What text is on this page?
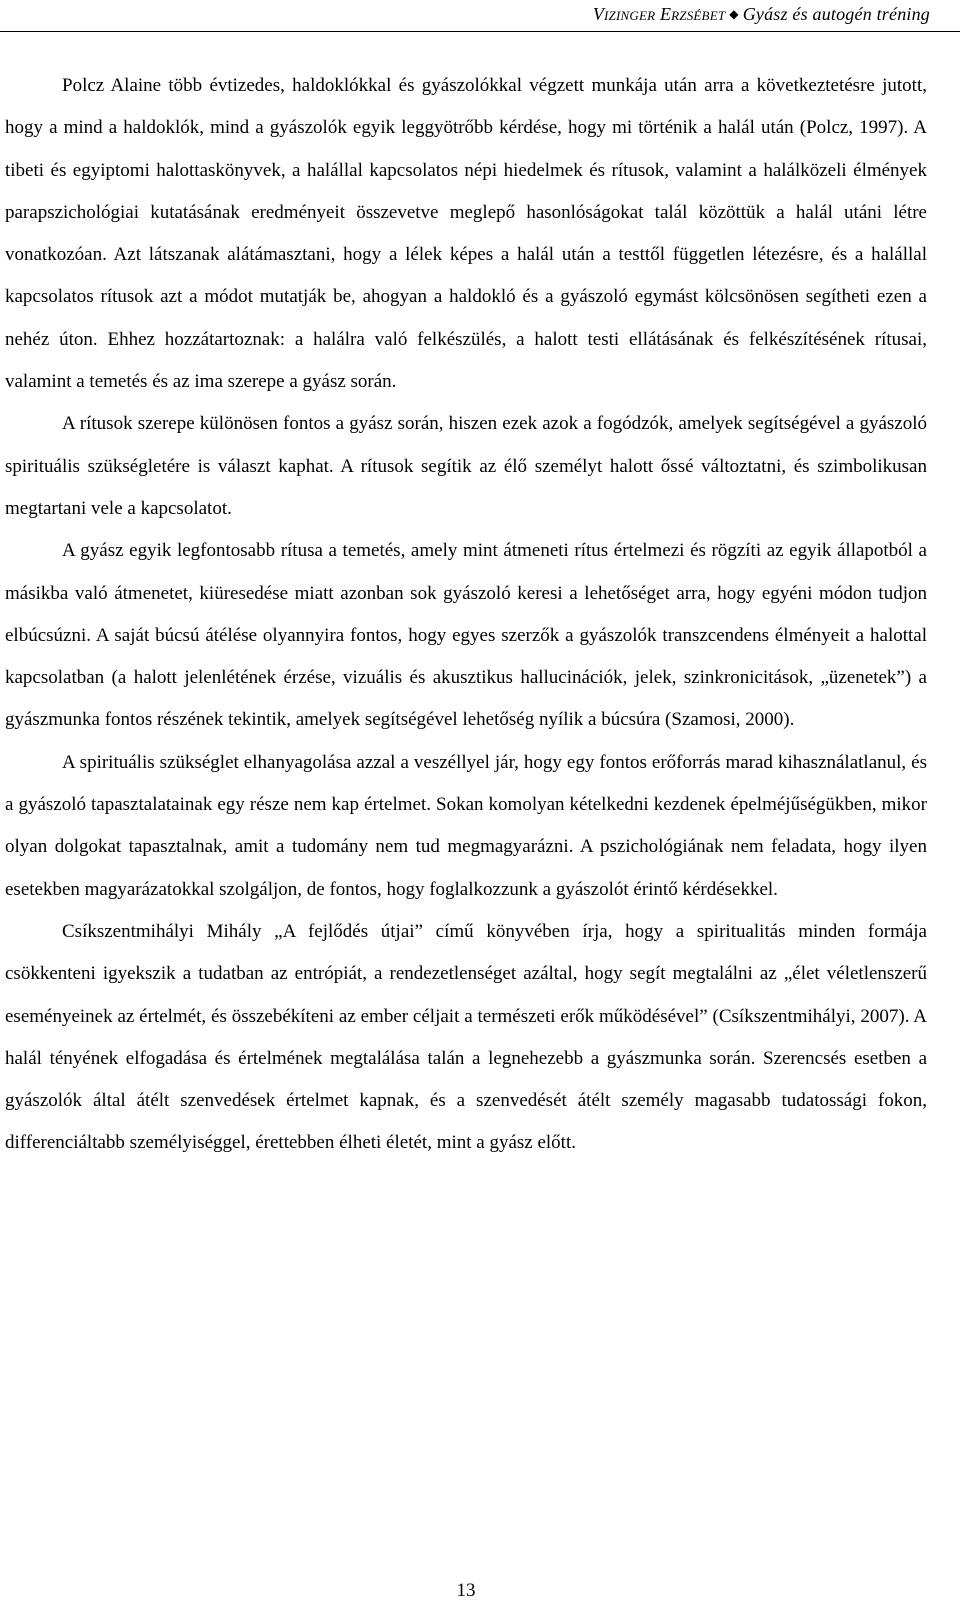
Vizinger Erzsébet ◆ Gyász és autogén tréning

Polcz Alaine több évtizedes, haldoklókkal és gyászolókkal végzett munkája után arra a következtetésre jutott, hogy a mind a haldoklók, mind a gyászolók egyik leggyötrőbb kérdése, hogy mi történik a halál után (Polcz, 1997). A tibeti és egyiptomi halottaskönyvek, a halállal kapcsolatos népi hiedelmek és rítusok, valamint a halálközeli élmények parapszichológiai kutatásának eredményeit összevetve meglepő hasonlóságokat talál közöttük a halál utáni létre vonatkozóan. Azt látszanak alátámasztani, hogy a lélek képes a halál után a testtől független létezésre, és a halállal kapcsolatos rítusok azt a módot mutatják be, ahogyan a haldokló és a gyászoló egymást kölcsönösen segítheti ezen a nehéz úton. Ehhez hozzátartoznak: a halálra való felkészülés, a halott testi ellátásának és felkészítésének rítusai, valamint a temetés és az ima szerepe a gyász során.

A rítusok szerepe különösen fontos a gyász során, hiszen ezek azok a fogódzók, amelyek segítségével a gyászoló spirituális szükségletére is választ kaphat. A rítusok segítik az élő személyt halott őssé változtatni, és szimbolikusan megtartani vele a kapcsolatot.

A gyász egyik legfontosabb rítusa a temetés, amely mint átmeneti rítus értelmezi és rögzíti az egyik állapotból a másikba való átmenetet, kiüresedése miatt azonban sok gyászoló keresi a lehetőséget arra, hogy egyéni módon tudjon elbúcsúzni. A saját búcsú átélése olyannyira fontos, hogy egyes szerzők a gyászolók transzcendens élményeit a halottal kapcsolatban (a halott jelenlétének érzése, vizuális és akusztikus hallucinációk, jelek, szinkronicitások, „üzenetek”) a gyászmunka fontos részének tekintik, amelyek segítségével lehetőség nyílik a búcsúra (Szamosi, 2000).

A spirituális szükséglet elhanyagolása azzal a veszéllyel jár, hogy egy fontos erőforrás marad kihasználatlanul, és a gyászoló tapasztalatainak egy része nem kap értelmet. Sokan komolyan kételkedni kezdenek épelméjűségükben, mikor olyan dolgokat tapasztalnak, amit a tudomány nem tud megmagyarázni. A pszichológiának nem feladata, hogy ilyen esetekben magyarázatokkal szolgáljon, de fontos, hogy foglalkozzunk a gyászolót érintő kérdésekkel.

Csíkszentmihályi Mihály „A fejlődés útjai” című könyvében írja, hogy a spiritualitás minden formája csökkenteni igyekszik a tudatban az entrópiát, a rendezetlenséget azáltal, hogy segít megtalálni az „élet véletlenszerű eseményeinek az értelmét, és összebékíteni az ember céljait a természeti erők működésével” (Csíkszentmihályi, 2007). A halál tényének elfogadása és értelmének megtalálása talán a legnehezebb a gyászmunka során. Szerencsés esetben a gyászolók által átélt szenvedések értelmet kapnak, és a szenvedését átélt személy magasabb tudatossági fokon, differenciáltabb személyiséggel, érettebben élheti életét, mint a gyász előtt.

13
